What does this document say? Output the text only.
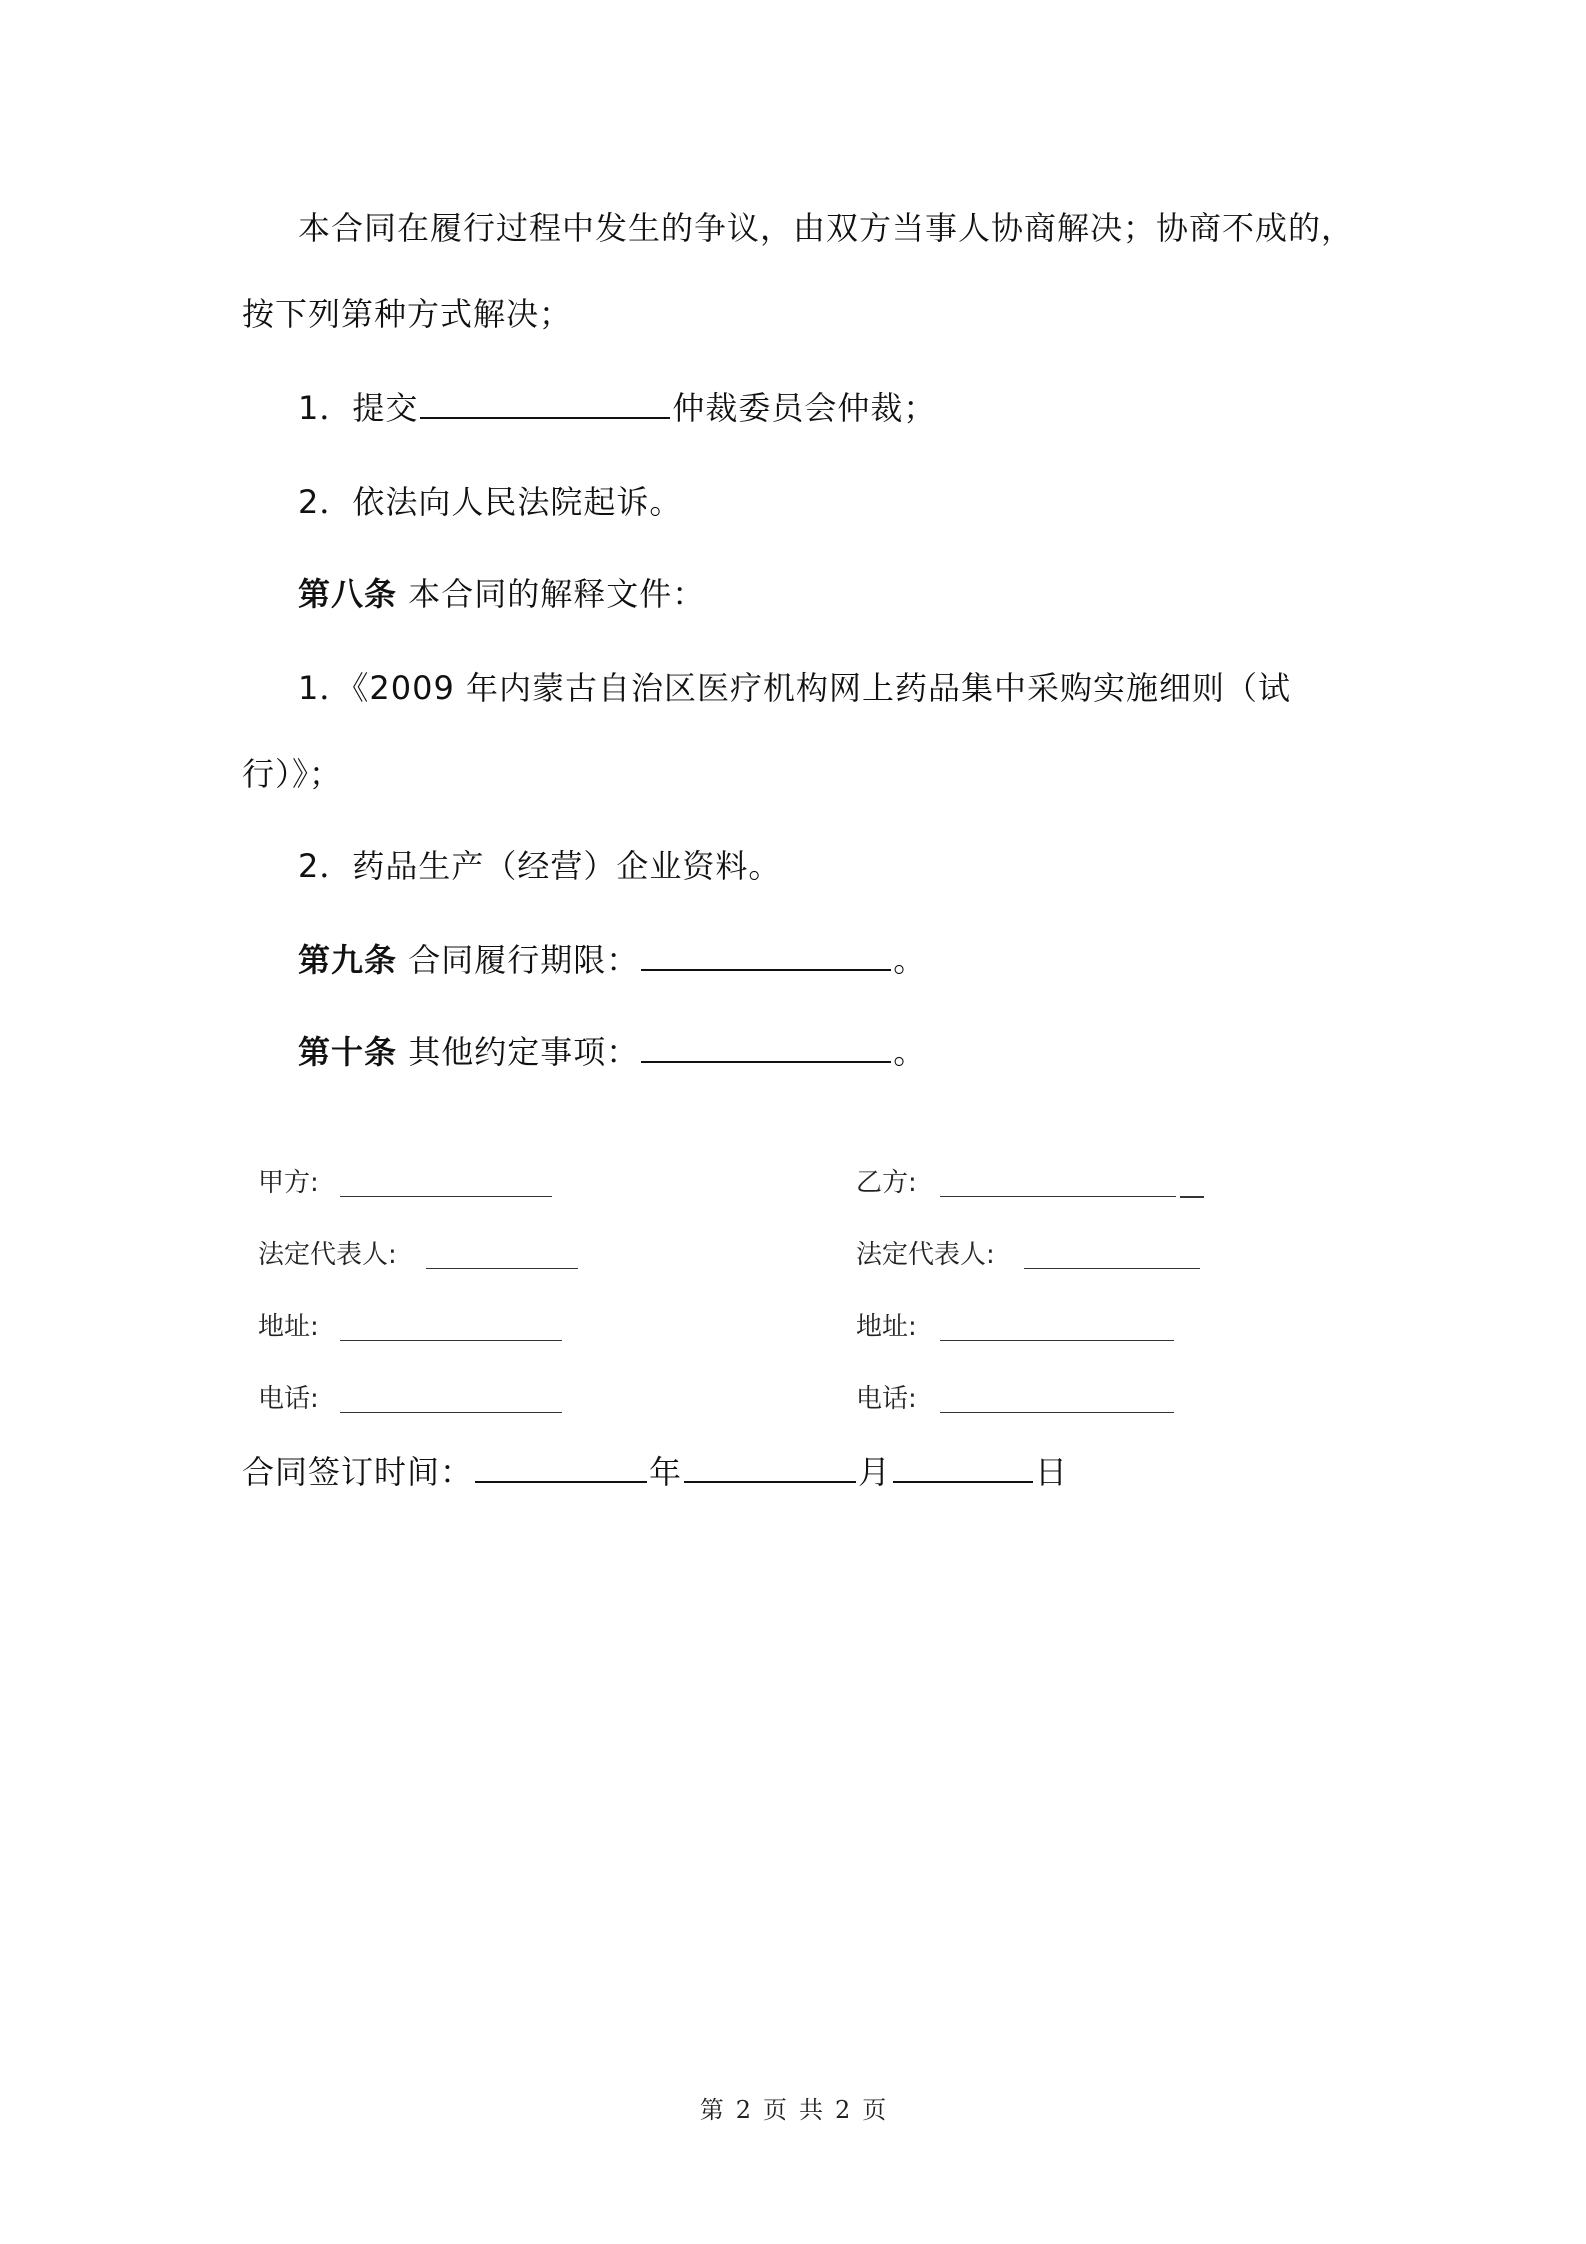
本合同在履行过程中发生的争议，由双方当事人协商解决；协商不成的，
按下列第种方式解决；
1．提交	仲裁委员会仲裁；
2．依法向人民法院起诉。
第八条 本合同的解释文件：
1．《2009 年内蒙古自治区医疗机构网上药品集中采购实施细则（试
行）》；
2．药品生产（经营）企业资料。
第九条 合同履行期限：	。
第十条 其他约定事项：	。
甲方:	乙方:
法定代表人:	法定代表人:
地址:	地址:
电话:	电话:
合同签订时间：	年	月	日
第 2 页 共 2 页
